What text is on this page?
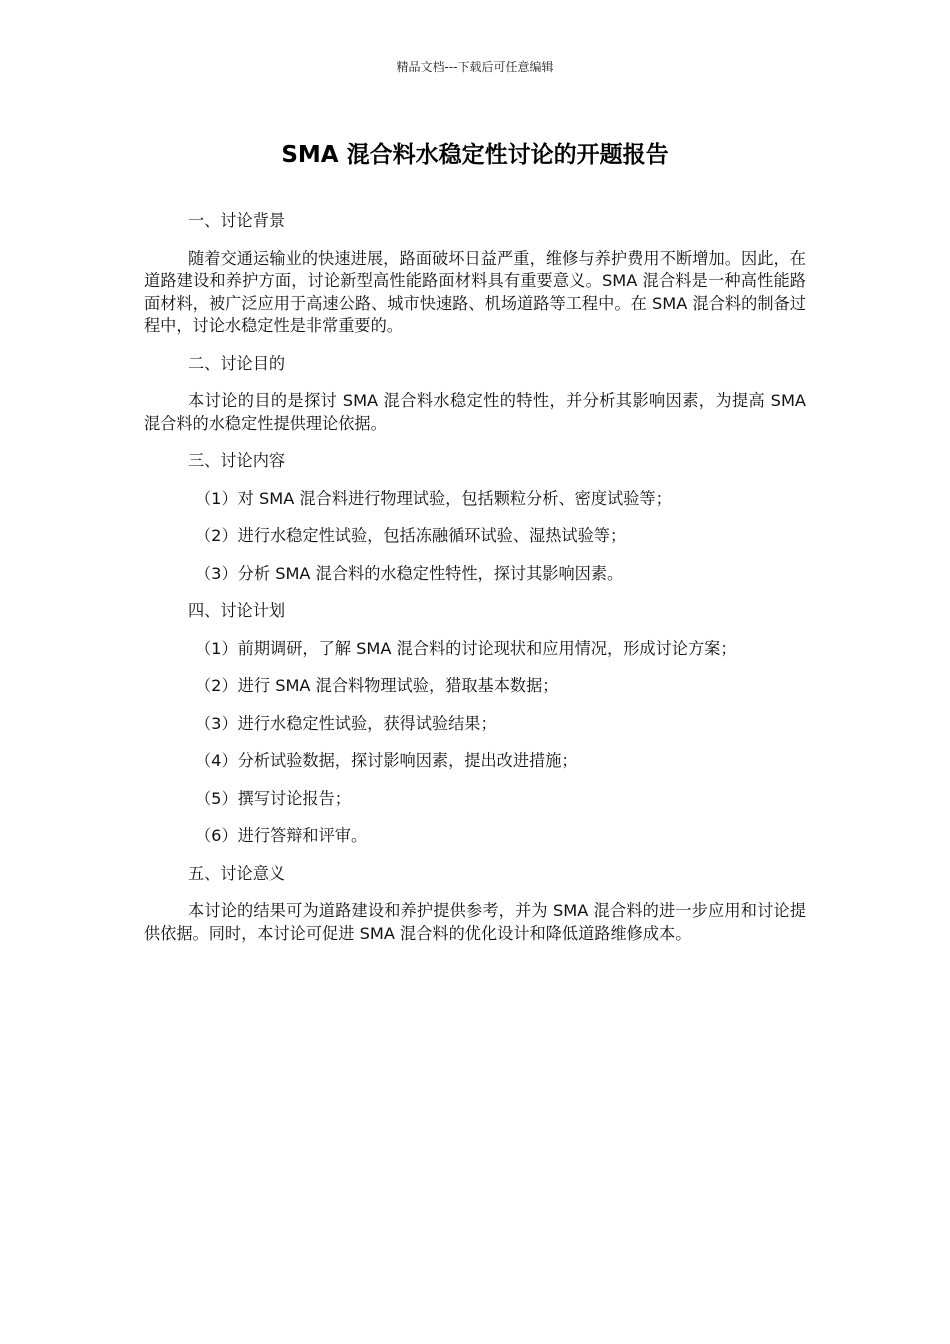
精品文档---下载后可任意编辑
SMA 混合料水稳定性讨论的开题报告

一、讨论背景

随着交通运输业的快速进展，路面破坏日益严重，维修与养护费用不断增加。因此，在道路建设和养护方面，讨论新型高性能路面材料具有重要意义。SMA 混合料是一种高性能路面材料，被广泛应用于高速公路、城市快速路、机场道路等工程中。在 SMA 混合料的制备过程中，讨论水稳定性是非常重要的。

二、讨论目的

本讨论的目的是探讨 SMA 混合料水稳定性的特性，并分析其影响因素，为提高 SMA 混合料的水稳定性提供理论依据。

三、讨论内容

（1）对 SMA 混合料进行物理试验，包括颗粒分析、密度试验等；

（2）进行水稳定性试验，包括冻融循环试验、湿热试验等；

（3）分析 SMA 混合料的水稳定性特性，探讨其影响因素。

四、讨论计划

（1）前期调研，了解 SMA 混合料的讨论现状和应用情况，形成讨论方案；

（2）进行 SMA 混合料物理试验，猎取基本数据；

（3）进行水稳定性试验，获得试验结果；

（4）分析试验数据，探讨影响因素，提出改进措施；

（5）撰写讨论报告；

（6）进行答辩和评审。

五、讨论意义

本讨论的结果可为道路建设和养护提供参考，并为 SMA 混合料的进一步应用和讨论提供依据。同时，本讨论可促进 SMA 混合料的优化设计和降低道路维修成本。
